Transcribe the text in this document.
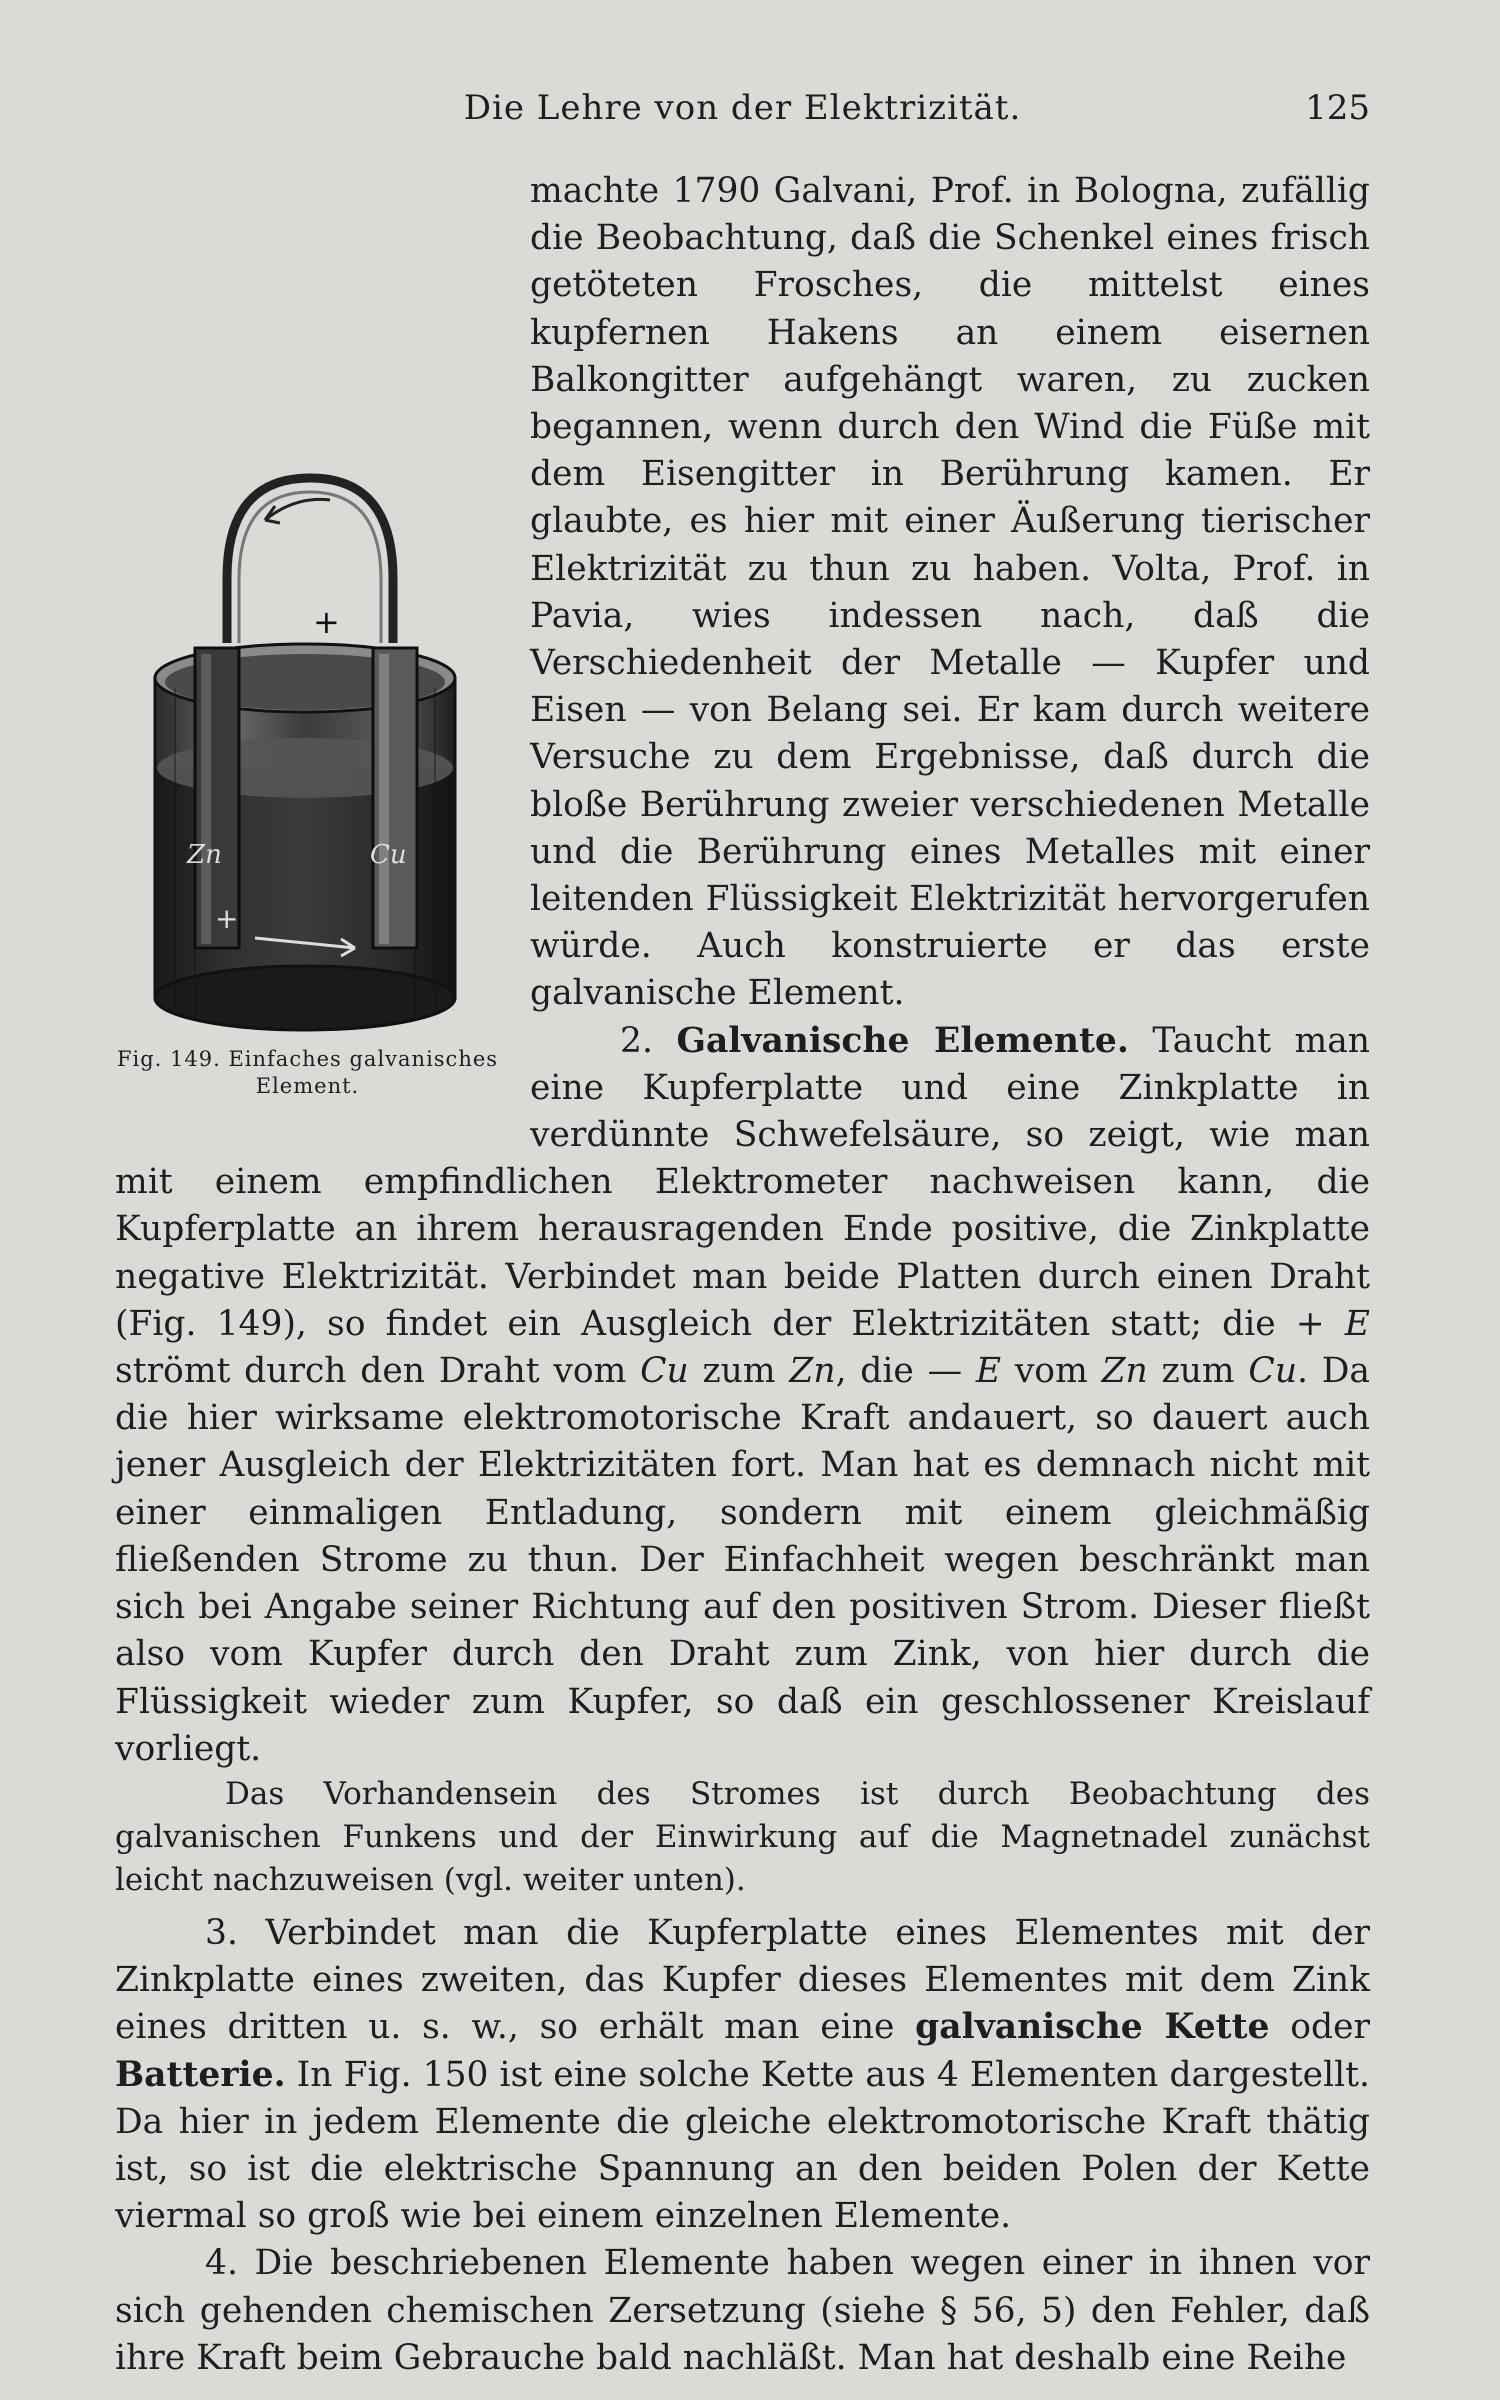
Die Lehre von der Elektrizität.	125

+
Zn	Cu
+
Fig. 149. Einfaches galvanisches Element.
machte 1790 Galvani, Prof. in Bologna, zufällig die Beobachtung, daß die Schenkel eines frisch getöteten Frosches, die mittelst eines kupfernen Hakens an einem eisernen Balkongitter aufgehängt waren, zu zucken begannen, wenn durch den Wind die Füße mit dem Eisengitter in Berührung kamen. Er glaubte, es hier mit einer Äußerung tierischer Elektrizität zu thun zu haben. Volta, Prof. in Pavia, wies indessen nach, daß die Verschiedenheit der Metalle — Kupfer und Eisen — von Belang sei. Er kam durch weitere Versuche zu dem Ergebnisse, daß durch die bloße Berührung zweier verschiedenen Metalle und die Berührung eines Metalles mit einer leitenden Flüssigkeit Elektrizität hervorgerufen würde. Auch konstruierte er das erste galvanische Element.

2. Galvanische Elemente. Taucht man eine Kupferplatte und eine Zinkplatte in verdünnte Schwefelsäure, so zeigt, wie man mit einem empfindlichen Elektrometer nachweisen kann, die Kupferplatte an ihrem herausragenden Ende positive, die Zinkplatte negative Elektrizität. Verbindet man beide Platten durch einen Draht (Fig. 149), so findet ein Ausgleich der Elektrizitäten statt; die + E strömt durch den Draht vom Cu zum Zn, die — E vom Zn zum Cu. Da die hier wirksame elektromotorische Kraft andauert, so dauert auch jener Ausgleich der Elektrizitäten fort. Man hat es demnach nicht mit einer einmaligen Entladung, sondern mit einem gleichmäßig fließenden Strome zu thun. Der Einfachheit wegen beschränkt man sich bei Angabe seiner Richtung auf den positiven Strom. Dieser fließt also vom Kupfer durch den Draht zum Zink, von hier durch die Flüssigkeit wieder zum Kupfer, so daß ein geschlossener Kreislauf vorliegt.

Das Vorhandensein des Stromes ist durch Beobachtung des galvanischen Funkens und der Einwirkung auf die Magnetnadel zunächst leicht nachzuweisen (vgl. weiter unten).

3. Verbindet man die Kupferplatte eines Elementes mit der Zinkplatte eines zweiten, das Kupfer dieses Elementes mit dem Zink eines dritten u. s. w., so erhält man eine galvanische Kette oder Batterie. In Fig. 150 ist eine solche Kette aus 4 Elementen dargestellt. Da hier in jedem Elemente die gleiche elektromotorische Kraft thätig ist, so ist die elektrische Spannung an den beiden Polen der Kette viermal so groß wie bei einem einzelnen Elemente.

4. Die beschriebenen Elemente haben wegen einer in ihnen vor sich gehenden chemischen Zersetzung (siehe § 56, 5) den Fehler, daß ihre Kraft beim Gebrauche bald nachläßt. Man hat deshalb eine Reihe
